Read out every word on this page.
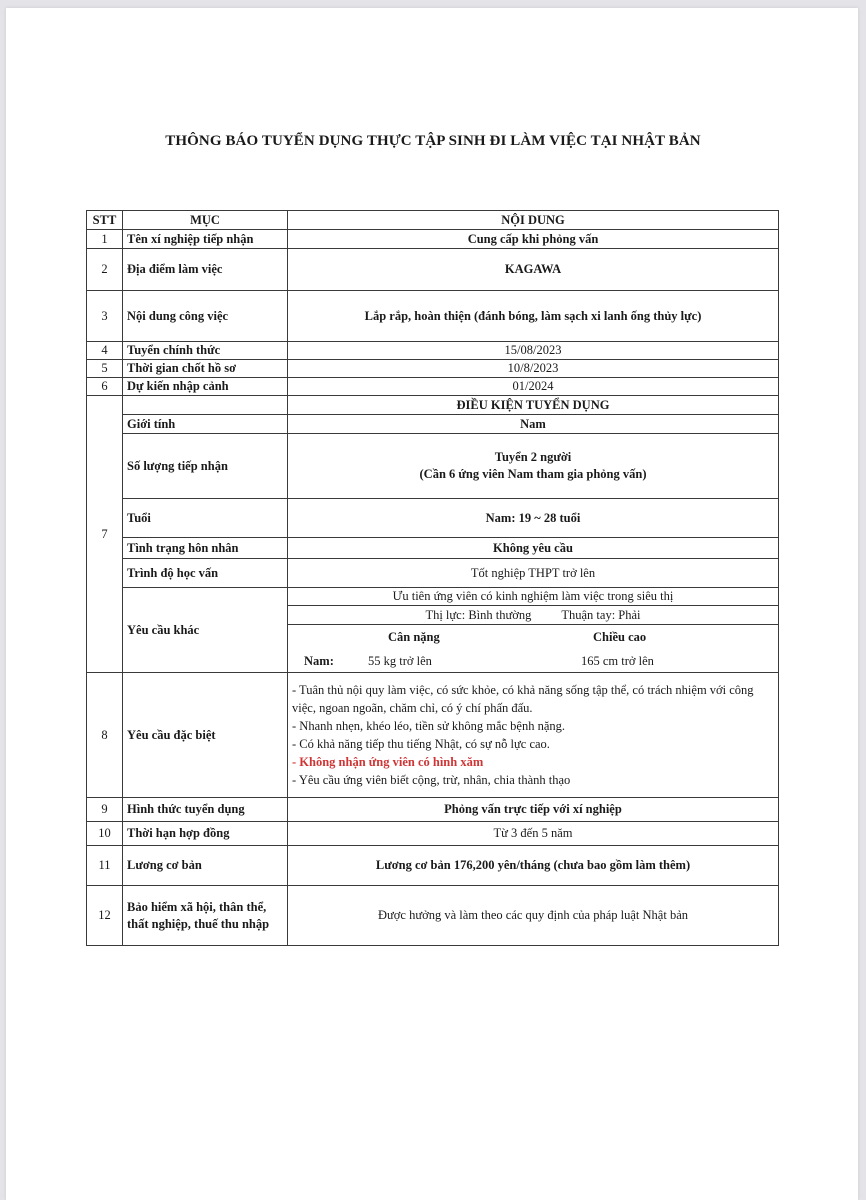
THÔNG BÁO TUYỂN DỤNG THỰC TẬP SINH ĐI LÀM VIỆC TẠI NHẬT BẢN
STT	MỤC	NỘI DUNG
1	Tên xí nghiệp tiếp nhận	Cung cấp khi phỏng vấn
2	Địa điểm làm việc	KAGAWA
3	Nội dung công việc	Lắp rắp, hoàn thiện (đánh bóng, làm sạch xi lanh ống thủy lực)
4	Tuyển chính thức	15/08/2023
5	Thời gian chốt hồ sơ	10/8/2023
6	Dự kiến nhập cảnh	01/2024
7		ĐIỀU KIỆN TUYỂN DỤNG
	Giới tính	Nam
	Số lượng tiếp nhận	Tuyển 2 người
(Cần 6 ứng viên Nam tham gia phỏng vấn)

	Tuổi	Nam: 19 ~ 28 tuổi
	Tình trạng hôn nhân	Không yêu cầu
	Trình độ học vấn	Tốt nghiệp THPT trở lên
	Yêu cầu khác	Ưu tiên ứng viên có kinh nghiệm làm việc trong siêu thị

		Thị lực: Bình thường Thuận tay: Phải

		Cân nặng Chiều cao
Nam: 55 kg trở lên 165 cm trở lên

8	Yêu cầu đặc biệt	- Tuân thủ nội quy làm việc, có sức khỏe, có khả năng sống tập thể, có trách nhiệm với công việc, ngoan ngoãn, chăm chỉ, có ý chí phấn đấu.
- Nhanh nhẹn, khéo léo, tiền sử không mắc bệnh nặng.
- Có khả năng tiếp thu tiếng Nhật, có sự nỗ lực cao.
- Không nhận ứng viên có hình xăm
- Yêu cầu ứng viên biết cộng, trừ, nhân, chia thành thạo

9	Hình thức tuyển dụng	Phỏng vấn trực tiếp với xí nghiệp
10	Thời hạn hợp đồng	Từ 3 đến 5 năm
11	Lương cơ bản	Lương cơ bản 176,200 yên/tháng (chưa bao gồm làm thêm)
12	Bảo hiểm xã hội, thân thể, thất nghiệp, thuế thu nhập	Được hưởng và làm theo các quy định của pháp luật Nhật bản
